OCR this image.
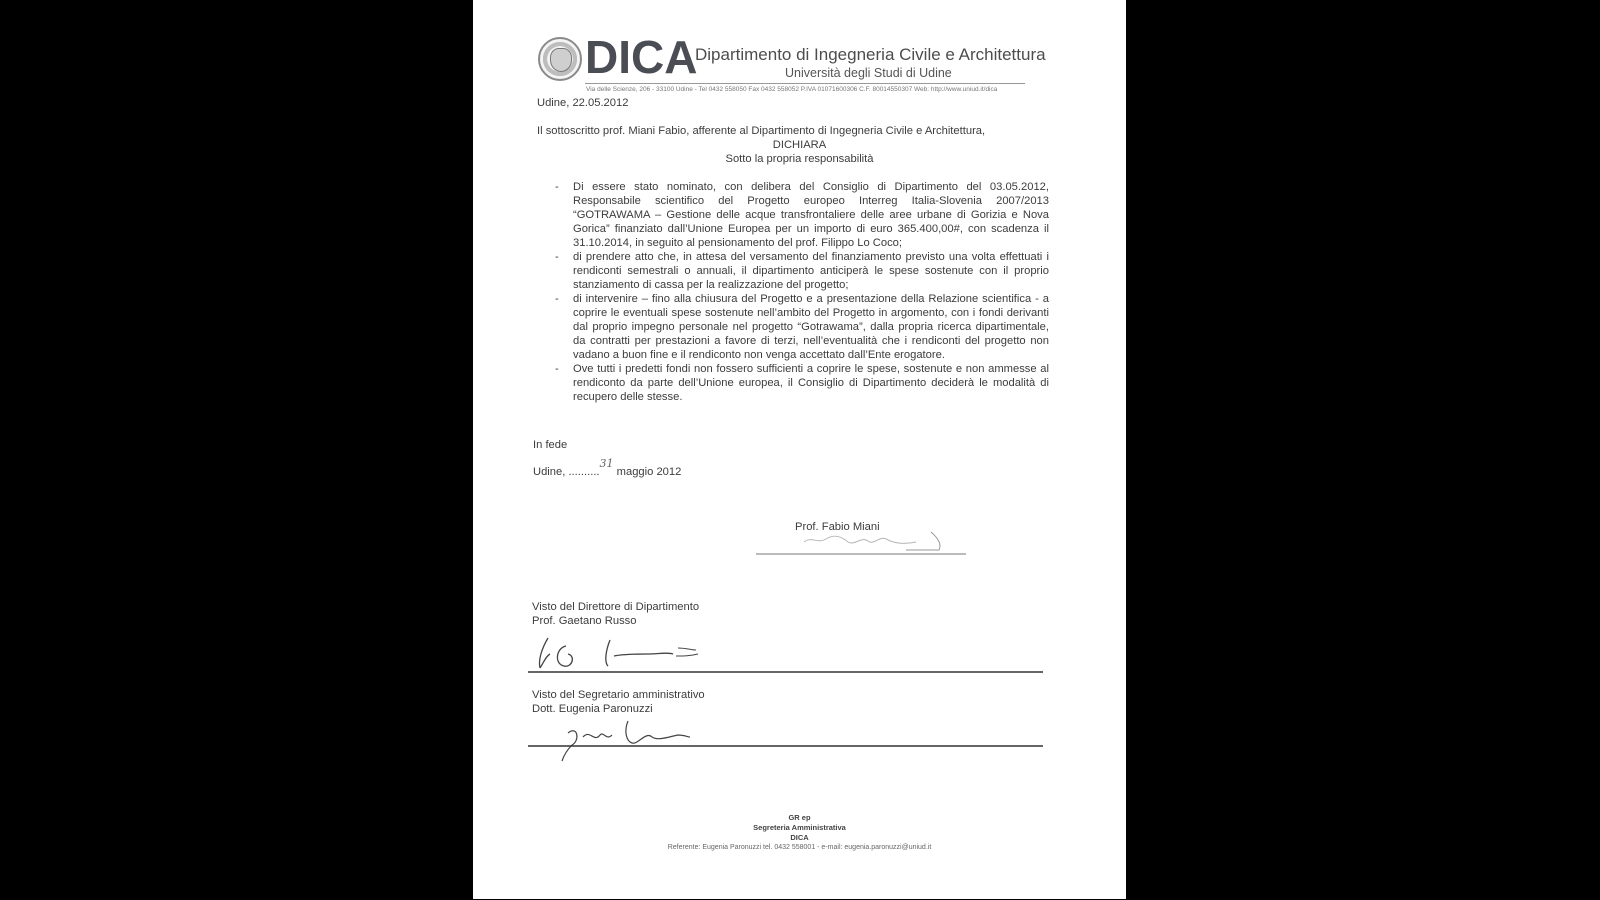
DICA
Dipartimento di Ingegneria Civile e Architettura
Università degli Studi di Udine
Via delle Scienze, 206 - 33100 Udine - Tel 0432 558050 Fax 0432 558052 P.IVA 01071600306 C.F. 80014550307 Web: http://www.uniud.it/dica
Udine, 22.05.2012
Il sottoscritto prof. Miani Fabio, afferente al Dipartimento di Ingegneria Civile e Architettura,
DICHIARA
Sotto la propria responsabilità
- Di essere stato nominato, con delibera del Consiglio di Dipartimento del 03.05.2012, Responsabile scientifico del Progetto europeo Interreg Italia-Slovenia 2007/2013 “GOTRAWAMA – Gestione delle acque transfrontaliere delle aree urbane di Gorizia e Nova Gorica” finanziato dall’Unione Europea per un importo di euro 365.400,00#, con scadenza il 31.10.2014, in seguito al pensionamento del prof. Filippo Lo Coco;
- di prendere atto che, in attesa del versamento del finanziamento previsto una volta effettuati i rendiconti semestrali o annuali, il dipartimento anticiperà le spese sostenute con il proprio stanziamento di cassa per la realizzazione del progetto;
- di intervenire – fino alla chiusura del Progetto e a presentazione della Relazione scientifica - a coprire le eventuali spese sostenute nell’ambito del Progetto in argomento, con i fondi derivanti dal proprio impegno personale nel progetto “Gotrawama”, dalla propria ricerca dipartimentale, da contratti per prestazioni a favore di terzi, nell’eventualità che i rendiconti del progetto non vadano a buon fine e il rendiconto non venga accettato dall’Ente erogatore.
- Ove tutti i predetti fondi non fossero sufficienti a coprire le spese, sostenute e non ammesse al rendiconto da parte dell’Unione europea, il Consiglio di Dipartimento deciderà le modalità di recupero delle stesse.
In fede
Udine, ..........31 maggio 2012
Prof. Fabio Miani
Visto del Direttore di Dipartimento
Prof. Gaetano Russo
Visto del Segretario amministrativo
Dott. Eugenia Paronuzzi
GR ep
Segreteria Amministrativa
DICA
Referente: Eugenia Paronuzzi tel. 0432 558001 - e-mail: eugenia.paronuzzi@uniud.it
